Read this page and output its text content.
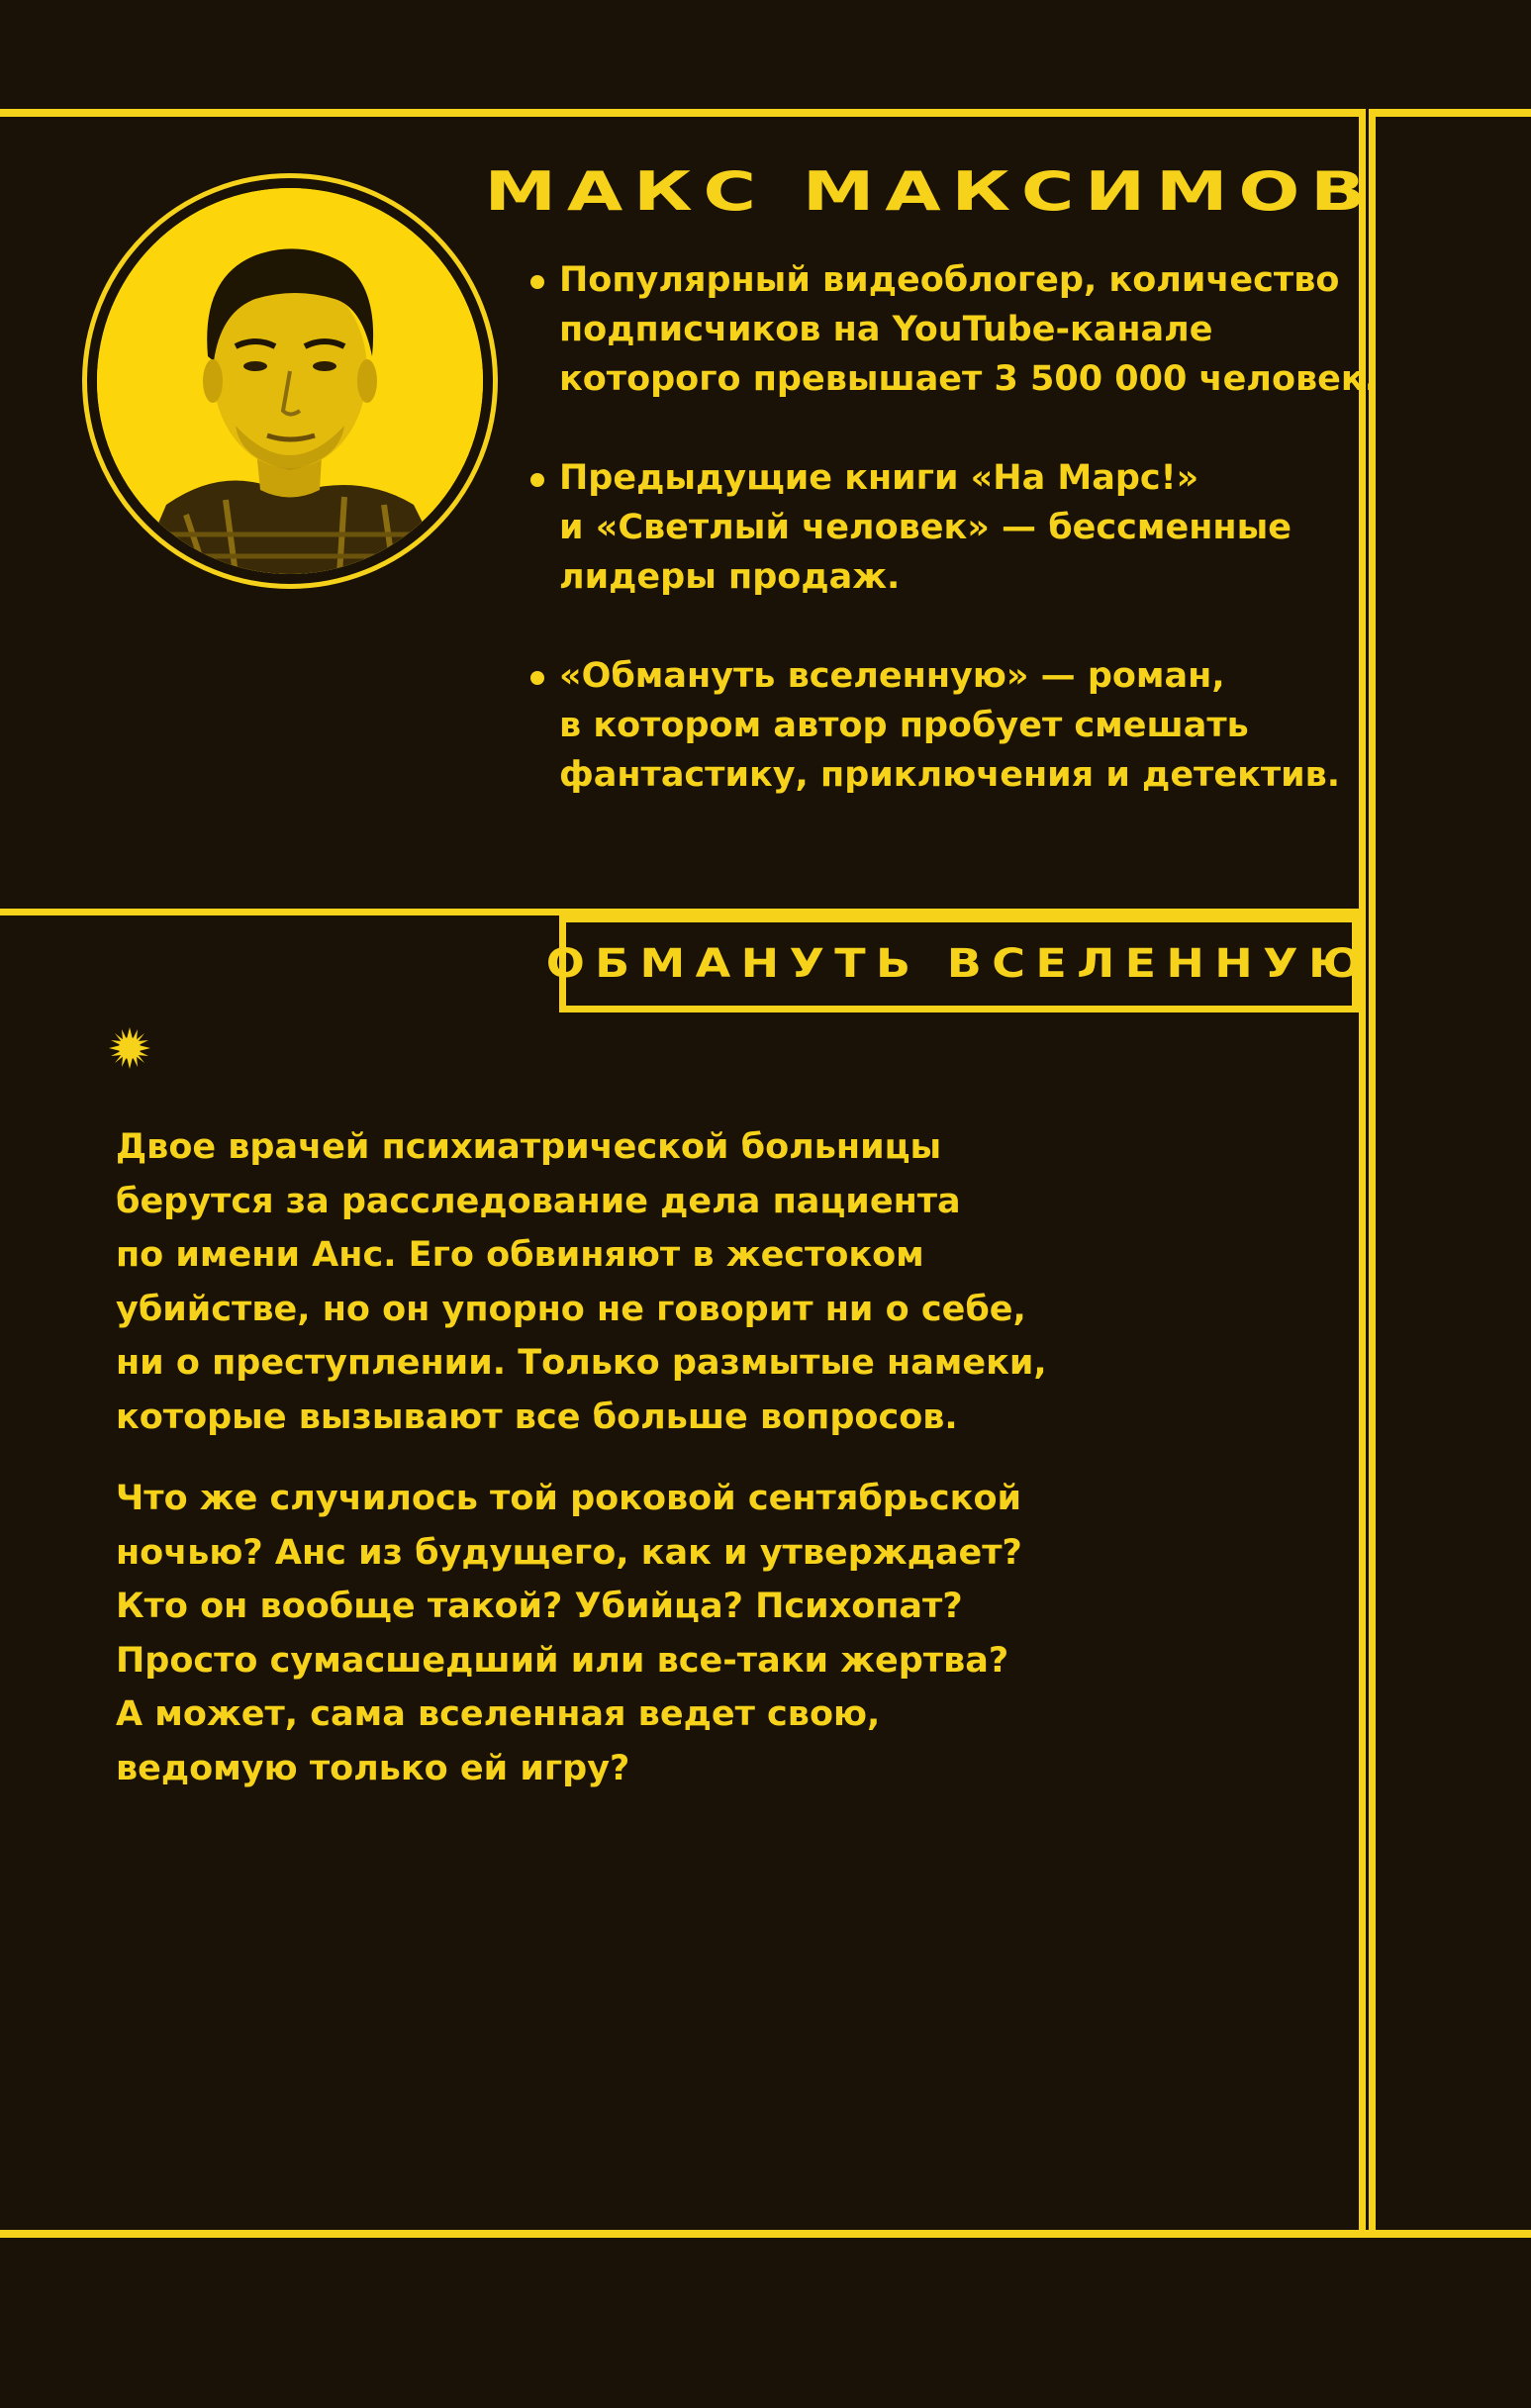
МАКС МАКСИМОВ
Популярный видеоблогер, количество
подписчиков на YouTube-канале
которого превышает 3 500 000 человек.
Предыдущие книги «На Марс!»
и «Светлый человек» — бессменные
лидеры продаж.
«Обмануть вселенную» — роман,
в котором автор пробует смешать
фантастику, приключения и детектив.
ОБМАНУТЬ ВСЕЛЕННУЮ

Двое врачей психиатрической больницы
берутся за расследование дела пациента
по имени Анс. Его обвиняют в жестоком
убийстве, но он упорно не говорит ни о себе,
ни о преступлении. Только размытые намеки,
которые вызывают все больше вопросов.

Что же случилось той роковой сентябрьской
ночью? Анс из будущего, как и утверждает?
Кто он вообще такой? Убийца? Психопат?
Просто сумасшедший или все-таки жертва?
А может, сама вселенная ведет свою,
ведомую только ей игру?
